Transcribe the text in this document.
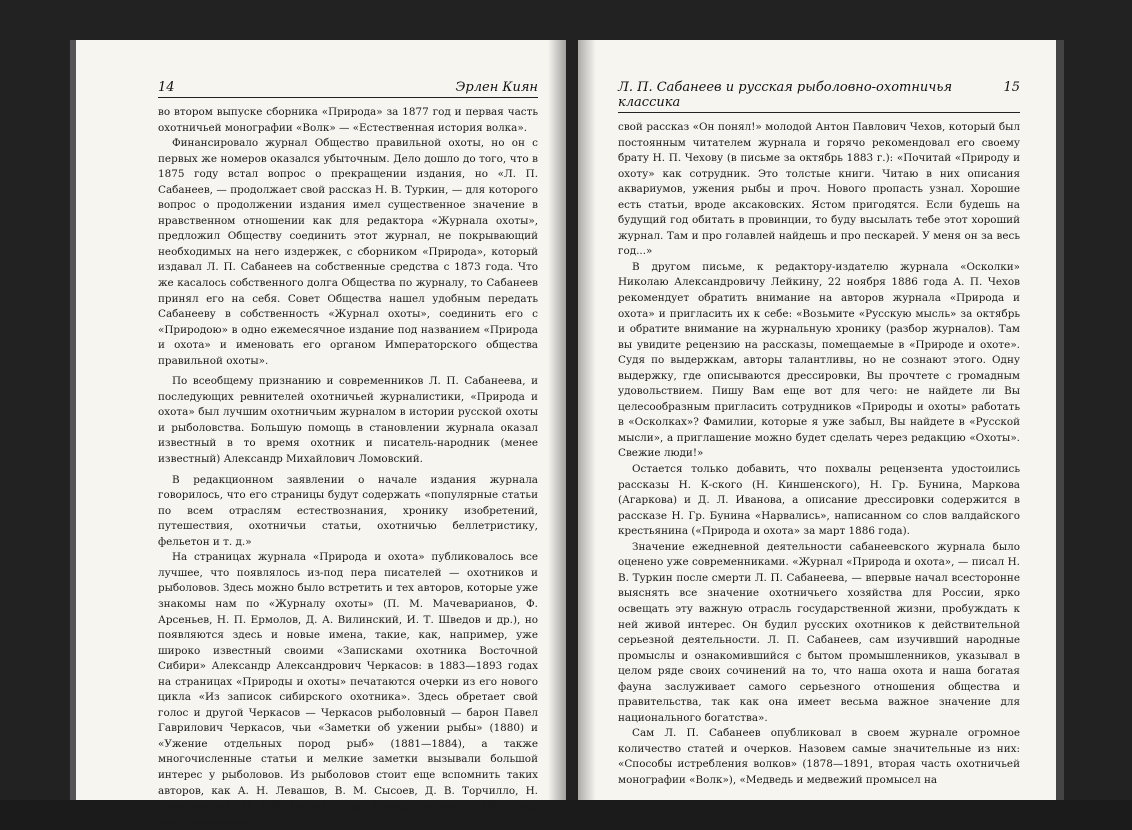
14	Эрлен Киян

во втором выпуске сборника «Природа» за 1877 год и первая часть охотничьей монографии «Волк» — «Естественная история волка».

Финансировало журнал Общество правильной охоты, но он с первых же номеров оказался убыточным. Дело дошло до того, что в 1875 году встал вопрос о прекращении издания, но «Л. П. Сабанеев, — продолжает свой рассказ Н. В. Туркин, — для которого вопрос о продолжении издания имел существенное значение в нравственном отношении как для редактора «Журнала охоты», предложил Обществу соединить этот журнал, не покрывающий необходимых на него издержек, с сборником «Природа», который издавал Л. П. Сабанеев на собственные средства с 1873 года. Что же касалось собственного долга Общества по журналу, то Сабанеев принял его на себя. Совет Общества нашел удобным передать Сабанееву в собственность «Журнал охоты», соединить его с «Природою» в одно ежемесячное издание под названием «Природа и охота» и именовать его органом Императорского общества правильной охоты».

По всеобщему признанию и современников Л. П. Сабанеева, и последующих ревнителей охотничьей журналистики, «Природа и охота» был лучшим охотничьим журналом в истории русской охоты и рыболовства. Большую помощь в становлении журнала оказал известный в то время охотник и писатель-народник (менее известный) Александр Михайлович Ломовский.

В редакционном заявлении о начале издания журнала говорилось, что его страницы будут содержать «популярные статьи по всем отраслям естествознания, хронику изобретений, путешествия, охотничьи статьи, охотничью беллетристику, фельетон и т. д.»

На страницах журнала «Природа и охота» публиковалось все лучшее, что появлялось из-под пера писателей — охотников и рыболовов. Здесь можно было встретить и тех авторов, которые уже знакомы нам по «Журналу охоты» (П. М. Мачеварианов, Ф. Арсеньев, Н. П. Ермолов, Д. А. Вилинский, И. Т. Шведов и др.), но появляются здесь и новые имена, такие, как, например, уже широко известный своими «Записками охотника Восточной Сибири» Александр Александрович Черкасов: в 1883—1893 годах на страницах «Природы и охоты» печатаются очерки из его нового цикла «Из записок сибирского охотника». Здесь обретает свой голос и другой Черкасов — Черкасов рыболовный — барон Павел Гаврилович Черкасов, чьи «Заметки об ужении рыбы» (1880) и «Ужение отдельных пород рыб» (1881—1884), а также многочисленные статьи и мелкие заметки вызывали большой интерес у рыболовов. Из рыболовов стоит еще вспомнить таких авторов, как А. Н. Левашов, В. М. Сысоев, Д. В. Торчилло, Н. Домбровский, Н. Дублянский и др. Между прочим, в 1883 году здесь напечатан

Л. П. Сабанеев и русская рыболовно-охотничья классика
15

свой рассказ «Он понял!» молодой Антон Павлович Чехов, который был постоянным читателем журнала и горячо рекомендовал его своему брату Н. П. Чехову (в письме за октябрь 1883 г.): «Почитай «Природу и охоту» как сотрудник. Это толстые книги. Читаю в них описания аквариумов, ужения рыбы и проч. Нового пропасть узнал. Хорошие есть статьи, вроде аксаковских. Ястом пригодятся. Если будешь на будущий год обитать в провинции, то буду высылать тебе этот хороший журнал. Там и про голавлей найдешь и про пескарей. У меня он за весь год...»

В другом письме, к редактору-издателю журнала «Осколки» Николаю Александровичу Лейкину, 22 ноября 1886 года А. П. Чехов рекомендует обратить внимание на авторов журнала «Природа и охота» и пригласить их к себе: «Возьмите «Русскую мысль» за октябрь и обратите внимание на журнальную хронику (разбор журналов). Там вы увидите рецензию на рассказы, помещаемые в «Природе и охоте». Судя по выдержкам, авторы талантливы, но не сознают этого. Одну выдержку, где описываются дрессировки, Вы прочтете с громадным удовольствием. Пишу Вам еще вот для чего: не найдете ли Вы целесообразным пригласить сотрудников «Природы и охоты» работать в «Осколках»? Фамилии, которые я уже забыл, Вы найдете в «Русской мысли», а приглашение можно будет сделать через редакцию «Охоты». Свежие люди!»

Остается только добавить, что похвалы рецензента удостоились рассказы Н. К-ского (Н. Киншенского), Н. Гр. Бунина, Марковa (Агаркова) и Д. Л. Иванова, а описание дрессировки содержится в рассказе Н. Гр. Бунина «Нарвались», написанном со слов валдайского крестьянина («Природа и охота» за март 1886 года).

Значение ежедневной деятельности сабанеевского журнала было оценено уже современниками. «Журнал «Природа и охота», — писал Н. В. Туркин после смерти Л. П. Сабанеева, — впервые начал всесторонне выяснять все значение охотничьего хозяйства для России, ярко освещать эту важную отрасль государственной жизни, пробуждать к ней живой интерес. Он будил русских охотников к действительной серьезной деятельности. Л. П. Сабанеев, сам изучивший народные промыслы и ознакомившийся с бытом промышленников, указывал в целом ряде своих сочинений на то, что наша охота и наша богатая фауна заслуживает самого серьезного отношения общества и правительства, так как она имеет весьма важное значение для национального богатства».

Сам Л. П. Сабанеев опубликовал в своем журнале огромное количество статей и очерков. Назовем самые значительные из них: «Способы истребления волков» (1878—1891, вторая часть охотничьей монографии «Волк»), «Медведь и медвежий промысел на
